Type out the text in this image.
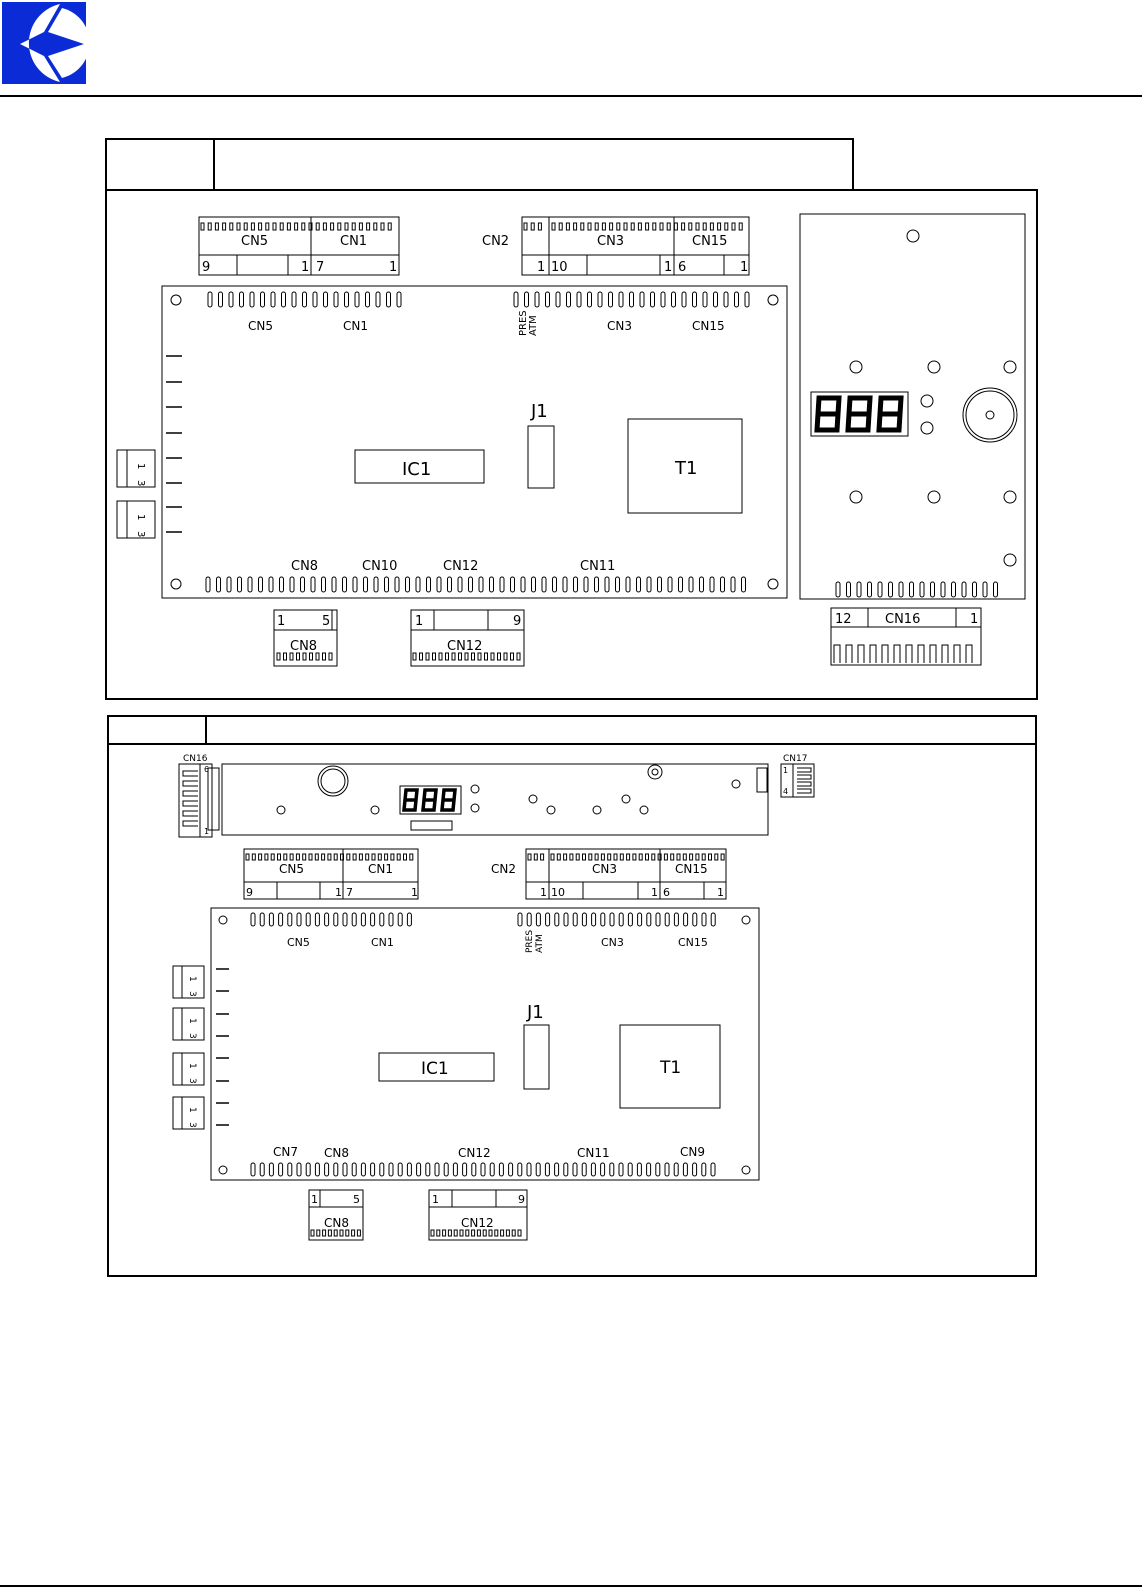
CN5	CN1	CN2	CN3	CN15
9	1 7	1	1 10	1 6	1
1
3
1
3
CN5	CN1	PRESATM	CN3	CN15
J1
IC1	T1
CN8	CN10	CN12	CN11
1	5	1	9
CN8	CN12
12	CN16	1
CN16	CN17
6
1
1
4
CN5	CN1	CN2	CN3	CN15
9	1 7	1	1 10	1 6	1
1
3
1
3
1
3
1
3
CN5	CN1	PRESATM	CN3	CN15
J1
IC1	T1
CN7 CN8	CN12	CN11	CN9
1	5	1	9
CN8	CN12
